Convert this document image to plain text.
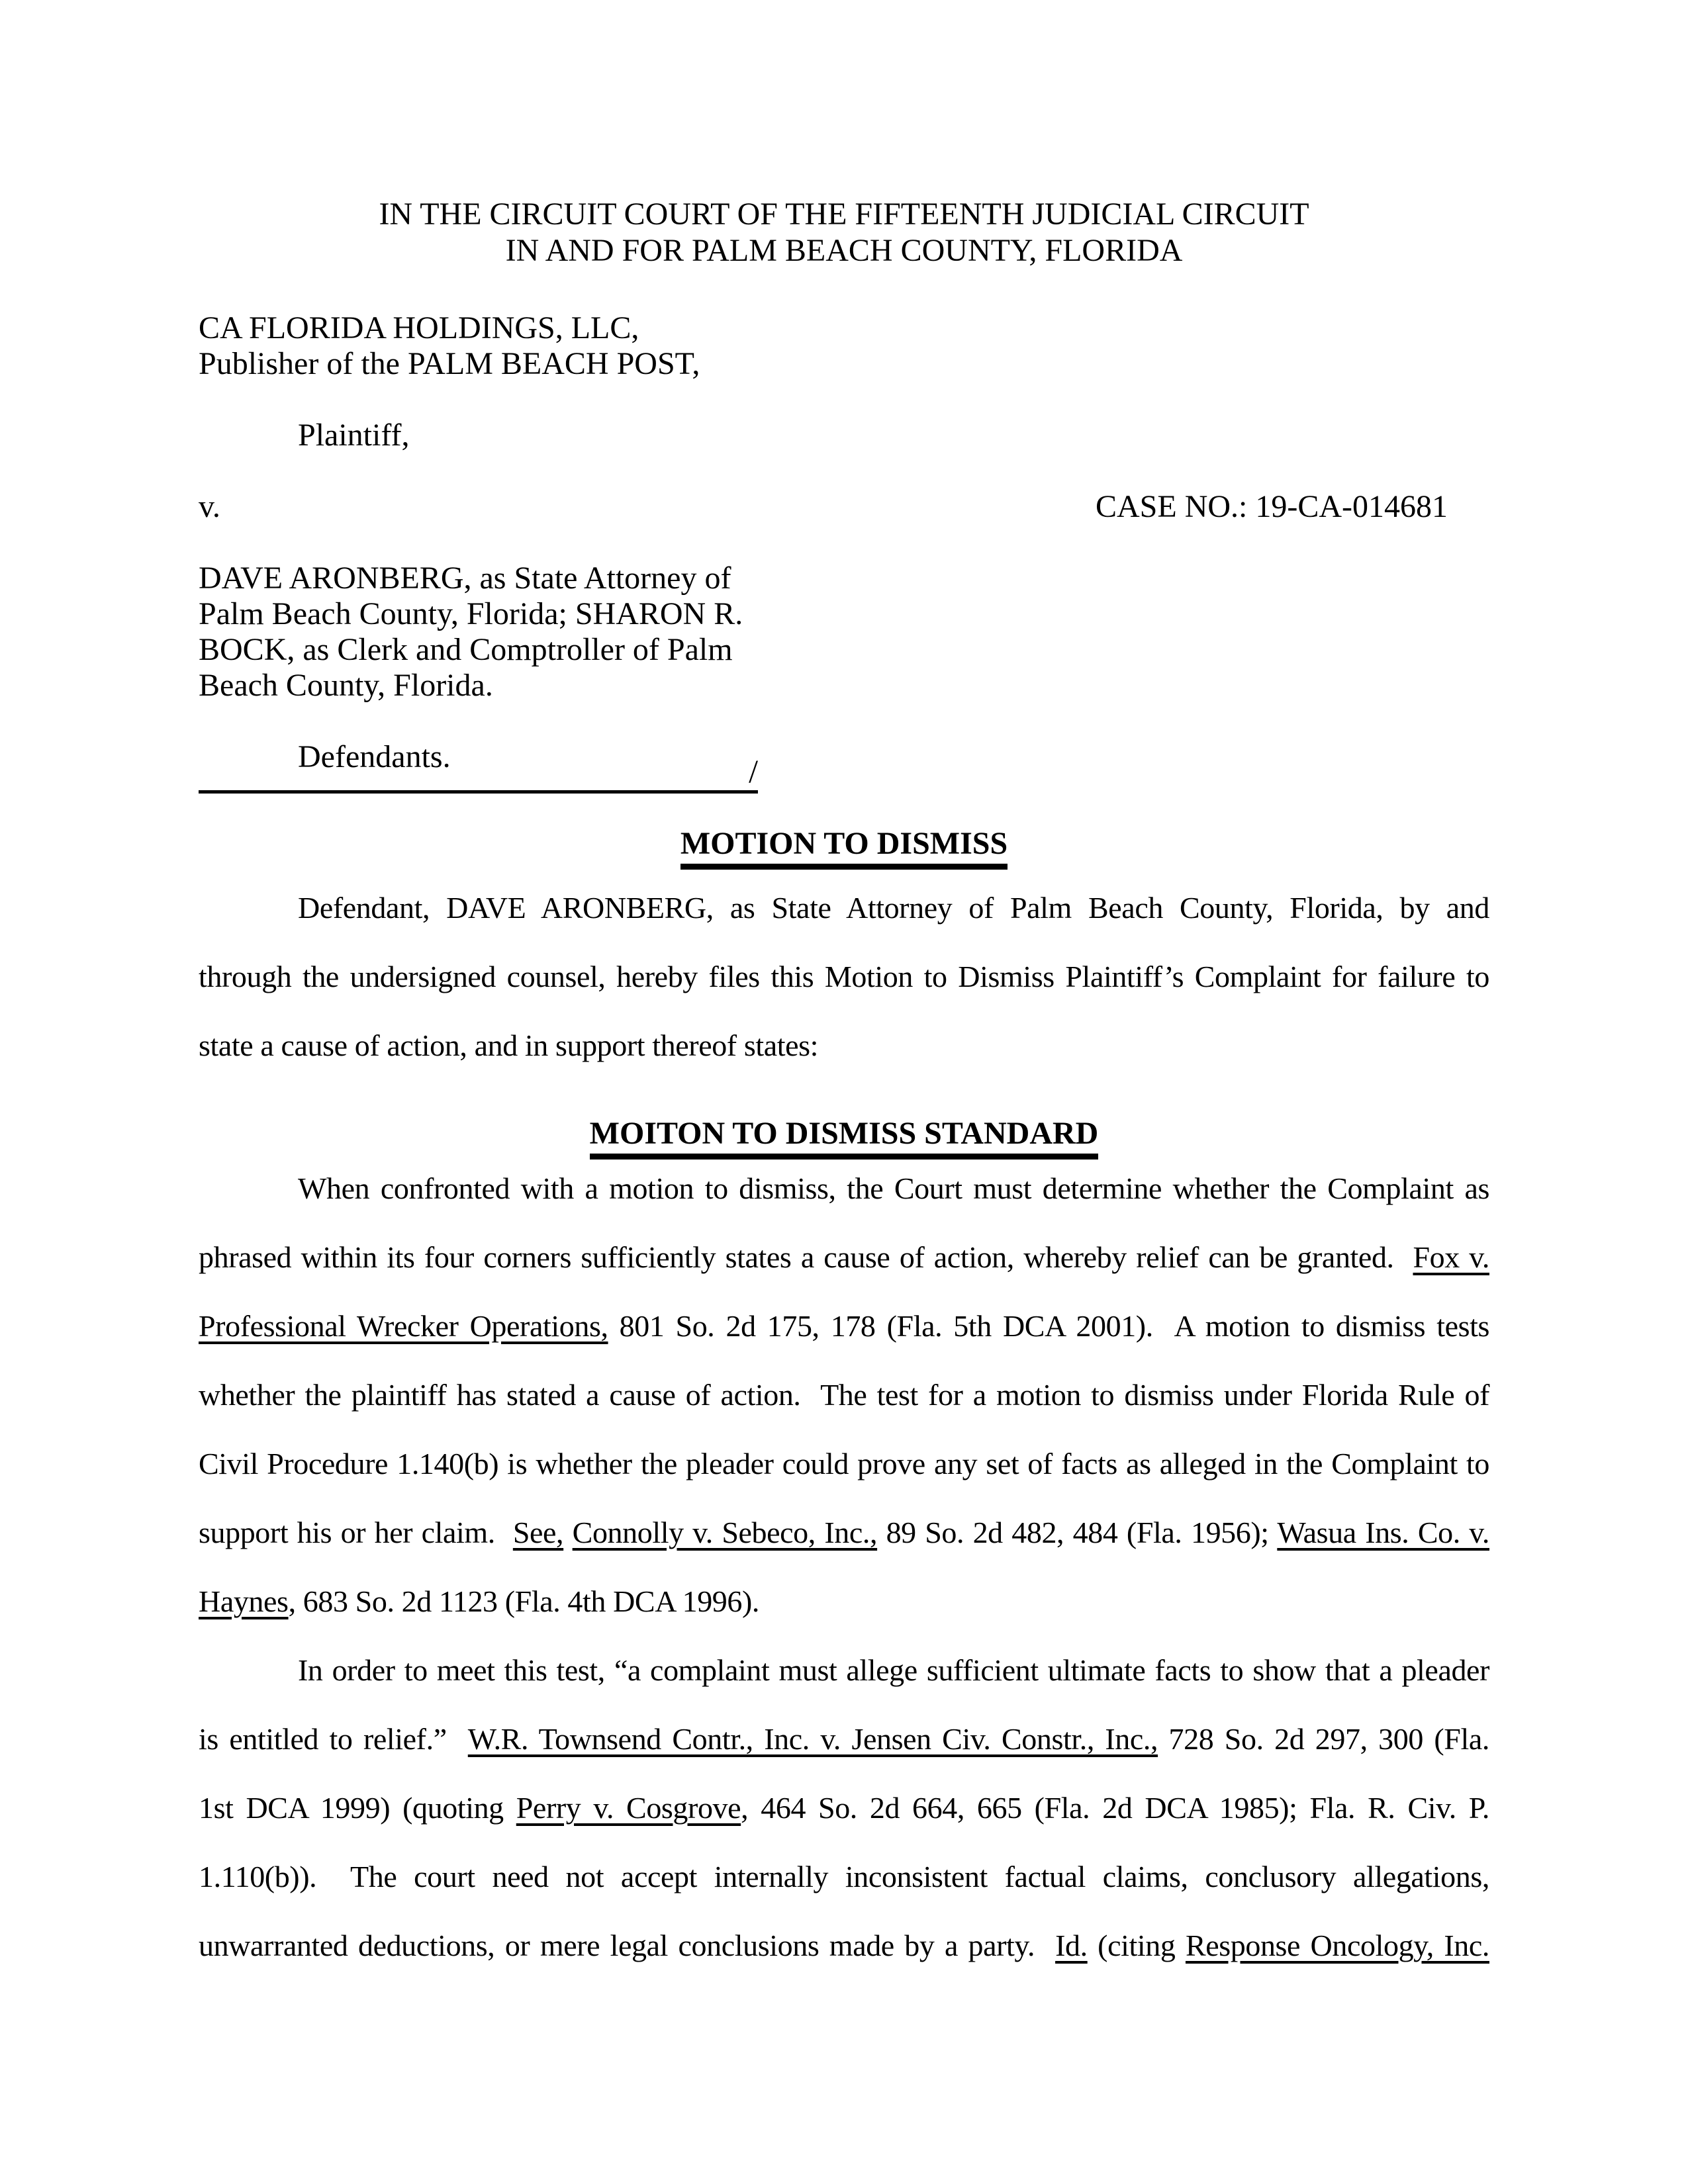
IN THE CIRCUIT COURT OF THE FIFTEENTH JUDICIAL CIRCUIT
IN AND FOR PALM BEACH COUNTY, FLORIDA
CA FLORIDA HOLDINGS, LLC,
Publisher of the PALM BEACH POST,
Plaintiff,
v.	CASE NO.: 19-CA-014681
DAVE ARONBERG, as State Attorney of
Palm Beach County, Florida; SHARON R.
BOCK, as Clerk and Comptroller of Palm
Beach County, Florida.
Defendants.	/
MOTION TO DISMISS
Defendant, DAVE ARONBERG, as State Attorney of Palm Beach County, Florida, by and
through the undersigned counsel, hereby files this Motion to Dismiss Plaintiff’s Complaint for failure to
state a cause of action, and in support thereof states:
MOITON TO DISMISS STANDARD
When confronted with a motion to dismiss, the Court must determine whether the Complaint as
phrased within its four corners sufficiently states a cause of action, whereby relief can be granted.  Fox v.
Professional Wrecker Operations, 801 So. 2d 175, 178 (Fla. 5th DCA 2001).  A motion to dismiss tests
whether the plaintiff has stated a cause of action.  The test for a motion to dismiss under Florida Rule of
Civil Procedure 1.140(b) is whether the pleader could prove any set of facts as alleged in the Complaint to
support his or her claim.  See, Connolly v. Sebeco, Inc., 89 So. 2d 482, 484 (Fla. 1956); Wasua Ins. Co. v.
Haynes, 683 So. 2d 1123 (Fla. 4th DCA 1996).
In order to meet this test, “a complaint must allege sufficient ultimate facts to show that a pleader
is entitled to relief.”  W.R. Townsend Contr., Inc. v. Jensen Civ. Constr., Inc., 728 So. 2d 297, 300 (Fla.
1st DCA 1999) (quoting Perry v. Cosgrove, 464 So. 2d 664, 665 (Fla. 2d DCA 1985); Fla. R. Civ. P.
1.110(b)).  The court need not accept internally inconsistent factual claims, conclusory allegations,
unwarranted deductions, or mere legal conclusions made by a party.  Id. (citing Response Oncology, Inc.
